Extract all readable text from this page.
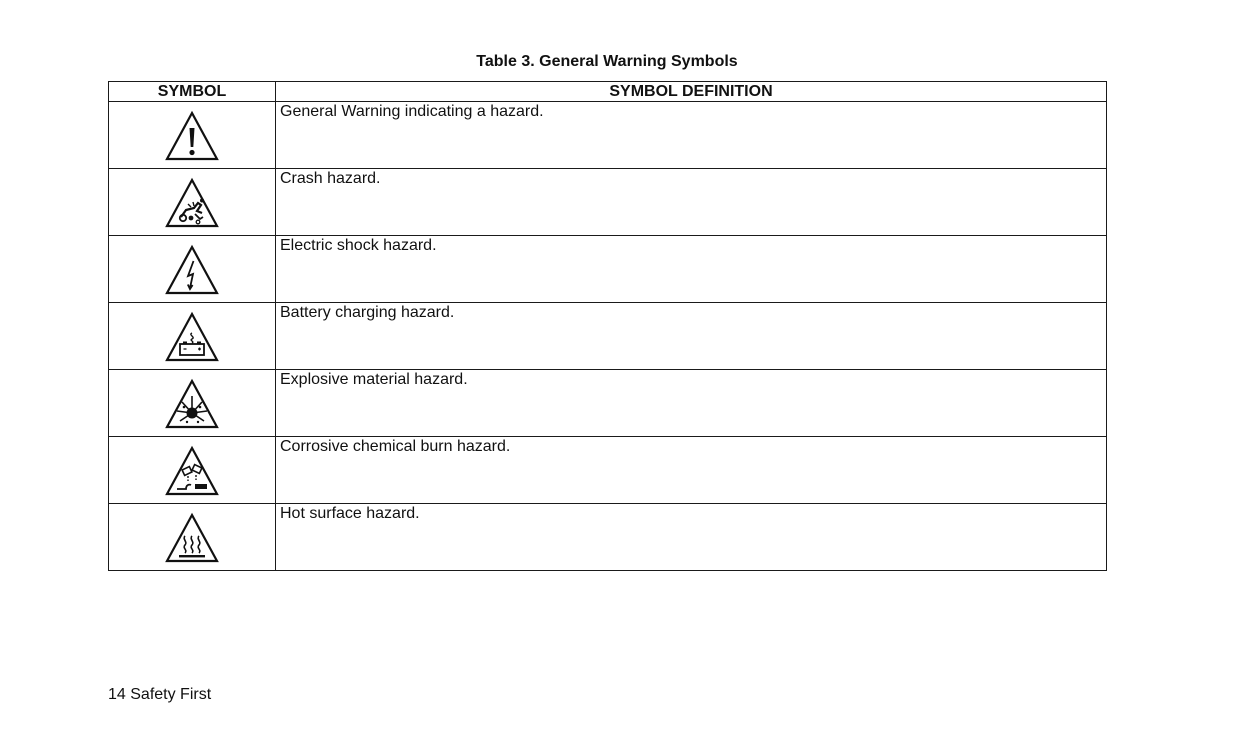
Table 3. General Warning Symbols

SYMBOL	SYMBOL DEFINITION

	General Warning indicating a hazard.

	Crash hazard.

	Electric shock hazard.

	Battery charging hazard.

	Explosive material hazard.

	Corrosive chemical burn hazard.

	Hot surface hazard.

14 Safety First
